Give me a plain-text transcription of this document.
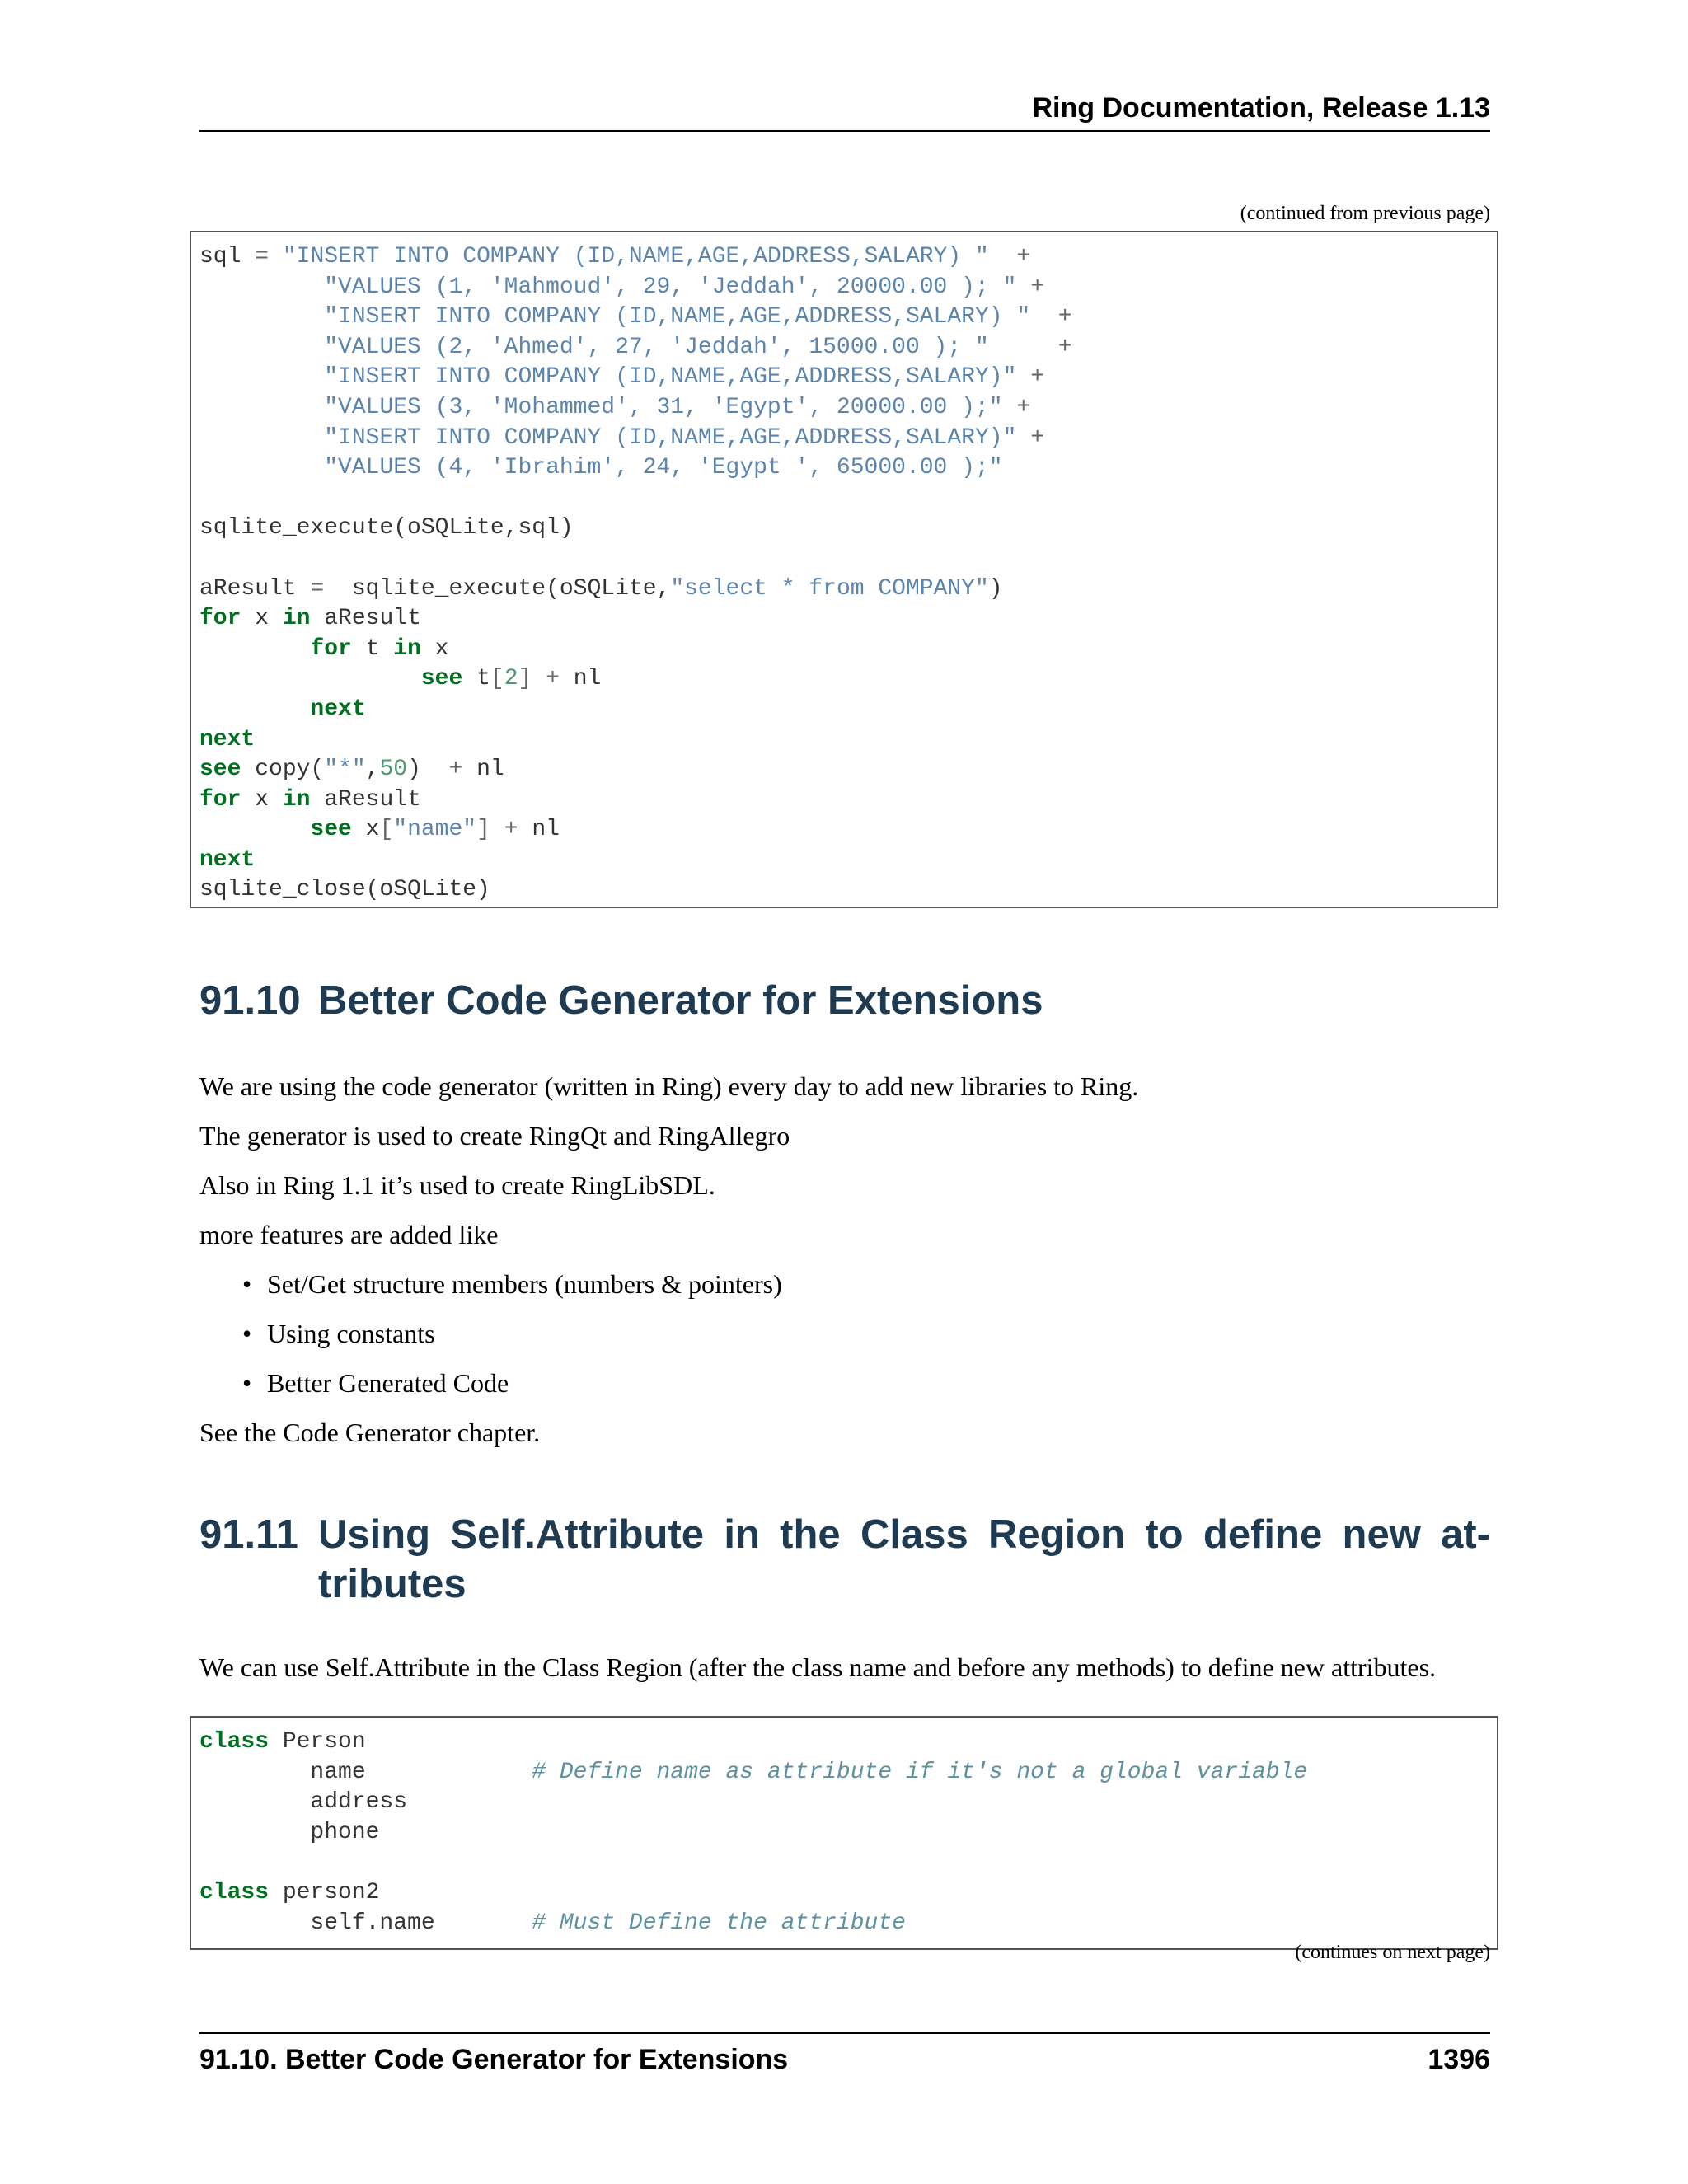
Ring Documentation, Release 1.13
(continued from previous page)
sql = "INSERT INTO COMPANY (ID,NAME,AGE,ADDRESS,SALARY) " +
"VALUES (1, 'Mahmoud', 29, 'Jeddah', 20000.00 ); " +
"INSERT INTO COMPANY (ID,NAME,AGE,ADDRESS,SALARY) " +
"VALUES (2, 'Ahmed', 27, 'Jeddah', 15000.00 ); "	+
"INSERT INTO COMPANY (ID,NAME,AGE,ADDRESS,SALARY)" +
"VALUES (3, 'Mohammed', 31, 'Egypt', 20000.00 );" +
"INSERT INTO COMPANY (ID,NAME,AGE,ADDRESS,SALARY)" +
"VALUES (4, 'Ibrahim', 24, 'Egypt ', 65000.00 );"
sqlite_execute(oSQLite,sql)
aResult =  sqlite_execute(oSQLite,"select * from COMPANY")
for x in aResult
for t in x
see t[2] + nl
next
next
see copy("*",50)  + nl
for x in aResult
see x["name"] + nl
next
sqlite_close(oSQLite)
91.10 Better Code Generator for Extensions
We are using the code generator (written in Ring) every day to add new libraries to Ring.
The generator is used to create RingQt and RingAllegro
Also in Ring 1.1 it’s used to create RingLibSDL.
more features are added like
• Set/Get structure members (numbers & pointers)
• Using constants
• Better Generated Code
See the Code Generator chapter.
91.11 Using Self.Attribute in the Class Region to define new at-
tributes
We can use Self.Attribute in the Class Region (after the class name and before any methods) to define new attributes.
class Person
name            # Define name as attribute if it's not a global variable
address
phone
class person2
self.name       # Must Define the attribute
(continues on next page)
91.10. Better Code Generator for Extensions	1396
